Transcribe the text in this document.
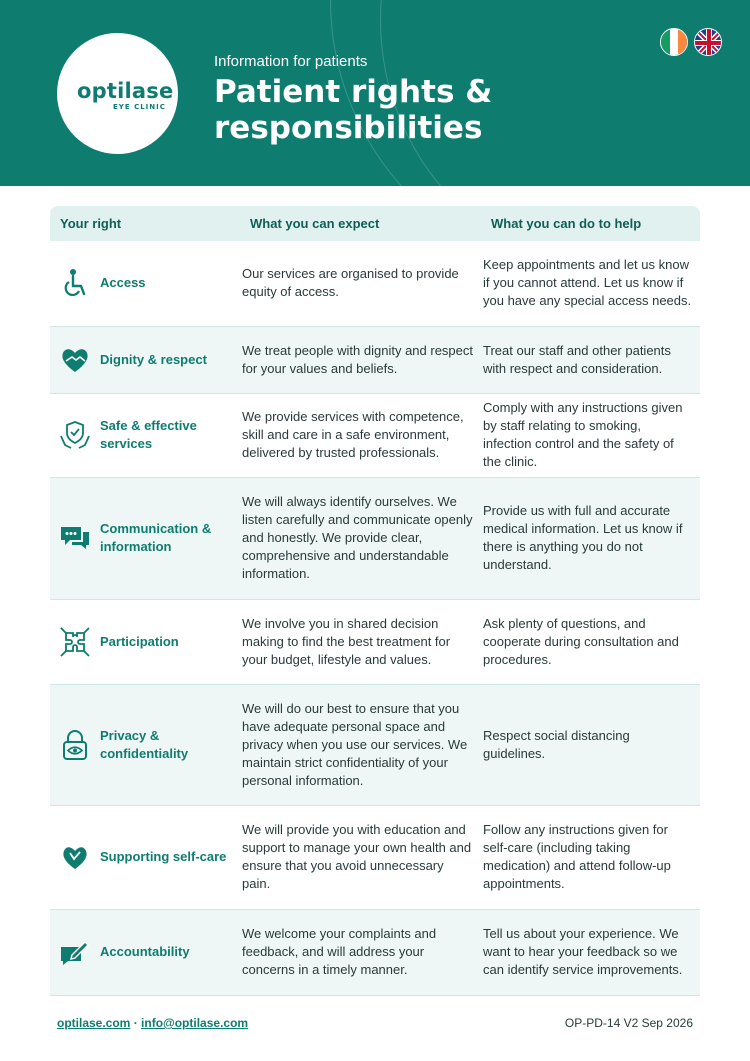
optilase
EYE CLINIC
Information for patients
Patient rights &
responsibilities
Your right	What you can expect	What you can do to help

Access	Our services are organised to provide equity of access.	Keep appointments and let us know if you cannot attend. Let us know if you have any special access needs.

Dignity & respect	We treat people with dignity and respect for your values and beliefs.	Treat our staff and other patients with respect and consideration.

Safe & effective services	We provide services with competence, skill and care in a safe environment, delivered by trusted professionals.	Comply with any instructions given by staff relating to smoking, infection control and the safety of the clinic.

Communication & information	We will always identify ourselves. We listen carefully and communicate openly and honestly. We provide clear, comprehensive and understandable information.	Provide us with full and accurate medical information. Let us know if there is anything you do not understand.

Participation	We involve you in shared decision making to find the best treatment for your budget, lifestyle and values.	Ask plenty of questions, and cooperate during consultation and procedures.

Privacy & confidentiality	We will do our best to ensure that you have adequate personal space and privacy when you use our services. We maintain strict confidentiality of your personal information.	Respect social distancing guidelines.

Supporting self-care	We will provide you with education and support to manage your own health and ensure that you avoid unnecessary pain.	Follow any instructions given for self-care (including taking medication) and attend follow-up appointments.

Accountability	We welcome your complaints and feedback, and will address your concerns in a timely manner.	Tell us about your experience. We want to hear your feedback so we can identify service improvements.
optilase.com · info@optilase.com	OP-PD-14 V2 Sep 2026
